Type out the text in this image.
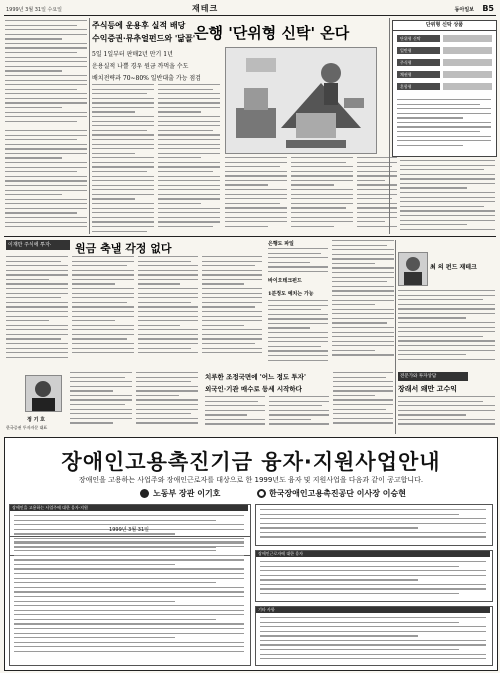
1999년 3월 31일 수요일	재테크	동아일보 B5
주식등에 운용후 실적 배당
수익증권·뮤추얼펀드와 '닮꼴'
은행 '단위형 신탁' 온다
5일 1일부터 판매2년 만기 1년
운용실적 나쁠 경우 원금 까먹을 수도
배치전략과 70~80% 일반대출 가능 점검
단위형 신탁 상품
단위형 신탁
일반형
주식형
채권형
혼합형
이재만 주식에 투자·	원금 축낼 각정 없다	은행도 파일
바이오테크펀드
1분정도 예치는 가능
최 의 펀드 재테크
정 기 호
한국증권 투자자문 대표
치루한 조정국면에 '어느 정도 투자'
외국인·기관 매수로 등세 시작하다
전문가와 투자상담
장래서 왜만 고수익
장애인고용촉진기금 융자·지원사업안내
장애인을 고용하는 사업주와 장애인근로자를 대상으로 한 1999년도 융자 및 지원사업을 다음과 같이 공고합니다.
노동부 장관 이기호	한국장애인고용촉진공단 이사장 이승현
장애인을 고용하는 사업주에 대한 융자·지원
1999년 3월 31일
장애인근로자에 대한 융자
기타 사항
